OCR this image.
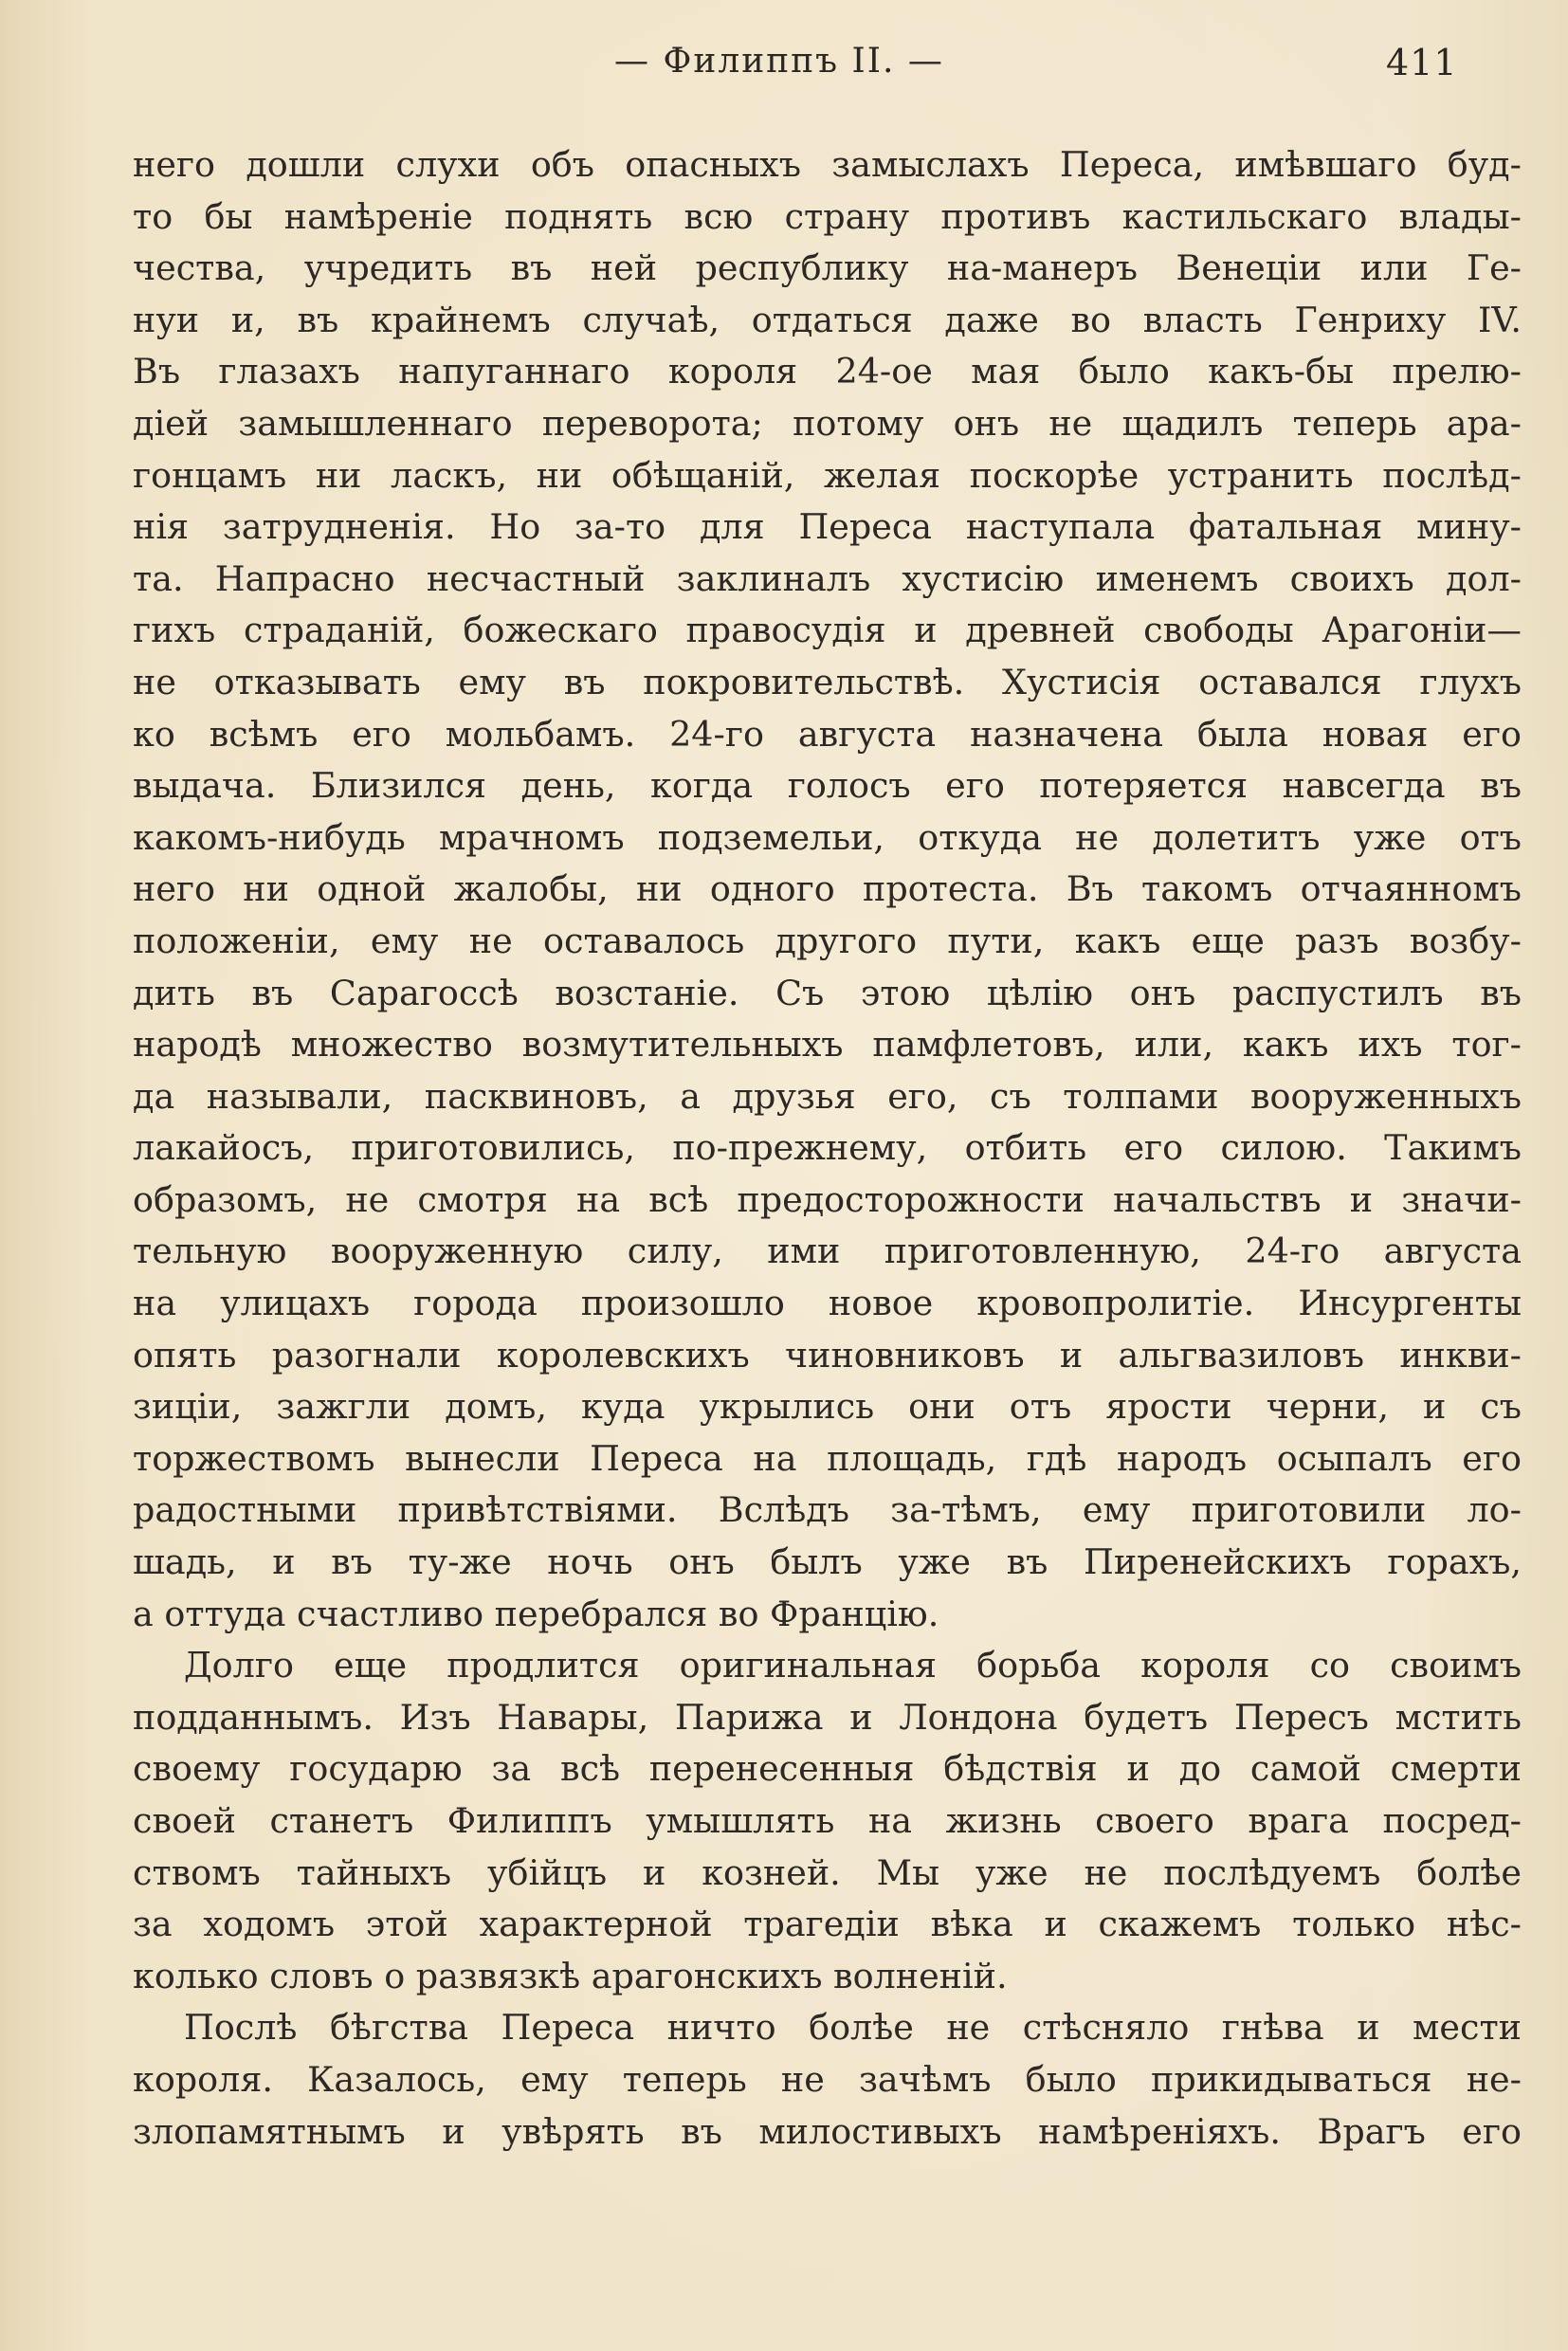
— Филиппъ II. —	411
него дошли слухи объ опасныхъ замыслахъ Переса, имѣвшаго буд-
то бы намѣреніе поднять всю страну противъ кастильскаго влады-
чества, учредить въ ней республику на-манеръ Венеціи или Ге-
нуи и, въ крайнемъ случаѣ, отдаться даже во власть Генриху IV.
Въ глазахъ напуганнаго короля 24-ое мая было какъ-бы прелю-
діей замышленнаго переворота; потому онъ не щадилъ теперь ара-
гонцамъ ни ласкъ, ни обѣщаній, желая поскорѣе устранить послѣд-
нія затрудненія. Но за-то для Переса наступала фатальная мину-
та. Напрасно несчастный заклиналъ хустисію именемъ своихъ дол-
гихъ страданій, божескаго правосудія и древней свободы Арагоніи—
не отказывать ему въ покровительствѣ. Хустисія оставался глухъ
ко всѣмъ его мольбамъ. 24-го августа назначена была новая его
выдача. Близился день, когда голосъ его потеряется навсегда въ
какомъ-нибудь мрачномъ подземельи, откуда не долетитъ уже отъ
него ни одной жалобы, ни одного протеста. Въ такомъ отчаянномъ
положеніи, ему не оставалось другого пути, какъ еще разъ возбу-
дить въ Сарагоссѣ возстаніе. Съ этою цѣлію онъ распустилъ въ
народѣ множество возмутительныхъ памфлетовъ, или, какъ ихъ тог-
да называли, пасквиновъ, а друзья его, съ толпами вооруженныхъ
лакайосъ, приготовились, по-прежнему, отбить его силою. Такимъ
образомъ, не смотря на всѣ предосторожности начальствъ и значи-
тельную вооруженную силу, ими приготовленную, 24-го августа
на улицахъ города произошло новое кровопролитіе. Инсургенты
опять разогнали королевскихъ чиновниковъ и альгвазиловъ инкви-
зиціи, зажгли домъ, куда укрылись они отъ ярости черни, и съ
торжествомъ вынесли Переса на площадь, гдѣ народъ осыпалъ его
радостными привѣтствіями. Вслѣдъ за-тѣмъ, ему приготовили ло-
шадь, и въ ту-же ночь онъ былъ уже въ Пиренейскихъ горахъ,
а оттуда счастливо перебрался во Францію.
Долго еще продлится оригинальная борьба короля со своимъ
подданнымъ. Изъ Навары, Парижа и Лондона будетъ Пересъ мстить
своему государю за всѣ перенесенныя бѣдствія и до самой смерти
своей станетъ Филиппъ умышлять на жизнь своего врага посред-
ствомъ тайныхъ убійцъ и козней. Мы уже не послѣдуемъ болѣе
за ходомъ этой характерной трагедіи вѣка и скажемъ только нѣс-
колько словъ о развязкѣ арагонскихъ волненій.
Послѣ бѣгства Переса ничто болѣе не стѣсняло гнѣва и мести
короля. Казалось, ему теперь не зачѣмъ было прикидываться не-
злопамятнымъ и увѣрять въ милостивыхъ намѣреніяхъ. Врагъ его
